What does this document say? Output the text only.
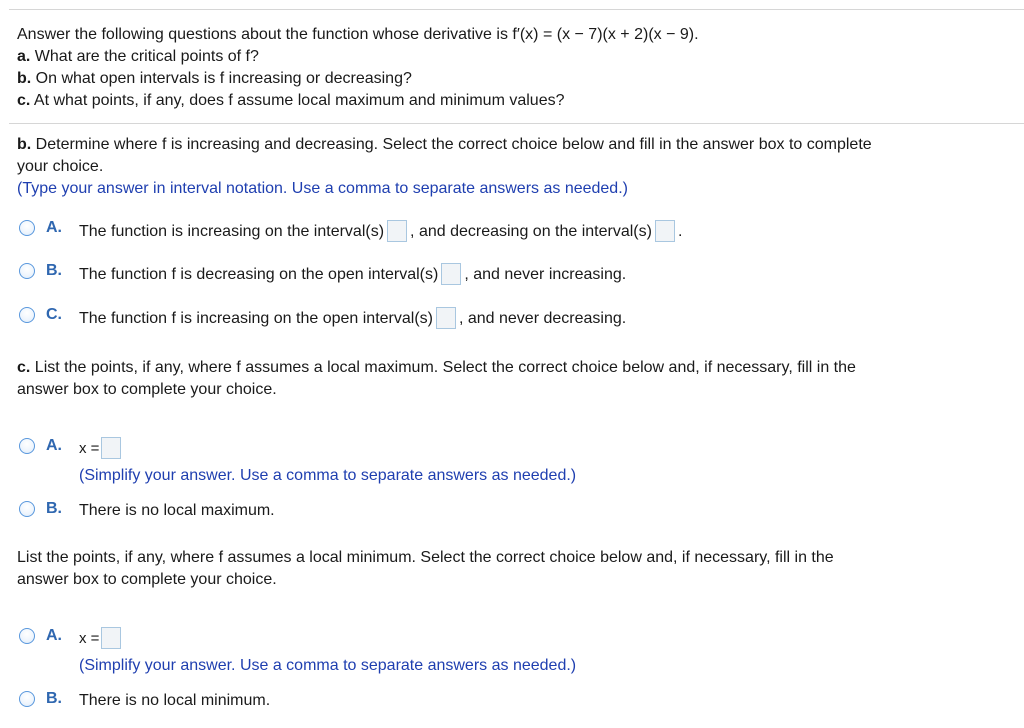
Answer the following questions about the function whose derivative is f′(x) = (x − 7)(x + 2)(x − 9).
a. What are the critical points of f?
b. On what open intervals is f increasing or decreasing?
c. At what points, if any, does f assume local maximum and minimum values?
b. Determine where f is increasing and decreasing. Select the correct choice below and fill in the answer box to complete
your choice.
(Type your answer in interval notation. Use a comma to separate answers as needed.)
A. The function is increasing on the interval(s) , and decreasing on the interval(s) .
B. The function f is decreasing on the open interval(s) , and never increasing.
C. The function f is increasing on the open interval(s) , and never decreasing.
c. List the points, if any, where f assumes a local maximum. Select the correct choice below and, if necessary, fill in the
answer box to complete your choice.
A. x =
(Simplify your answer. Use a comma to separate answers as needed.)
B. There is no local maximum.
List the points, if any, where f assumes a local minimum. Select the correct choice below and, if necessary, fill in the
answer box to complete your choice.
A. x =
(Simplify your answer. Use a comma to separate answers as needed.)
B. There is no local minimum.
